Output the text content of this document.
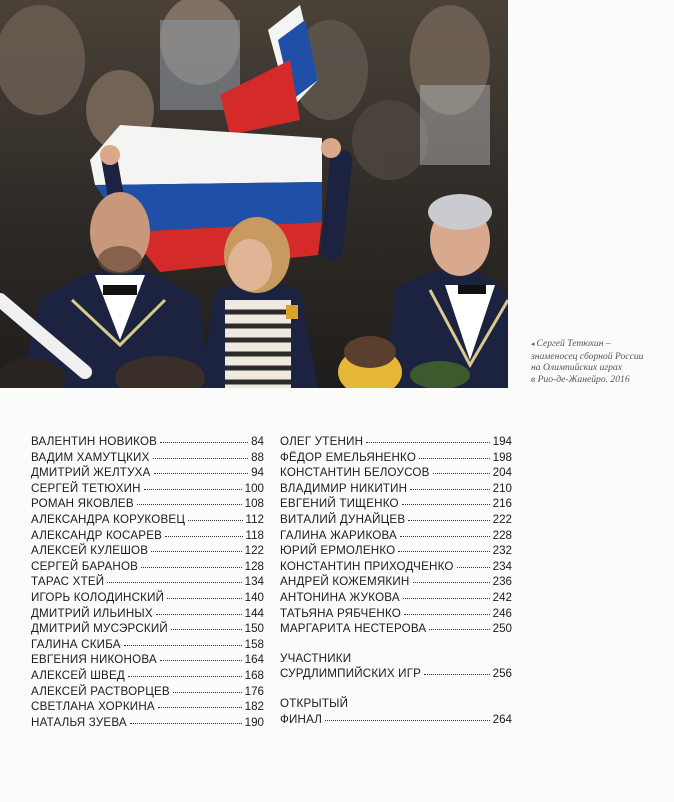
◂ Сергей Тетюхин –
знаменосец сборной России
на Олимпийских играх
в Рио-де-Жанейро. 2016
ВАЛЕНТИН НОВИКОВ	84
ВАДИМ ХАМУТЦКИХ	88
ДМИТРИЙ ЖЕЛТУХА	94
СЕРГЕЙ ТЕТЮХИН	100
РОМАН ЯКОВЛЕВ	108
АЛЕКСАНДРА КОРУКОВЕЦ	112
АЛЕКСАНДР КОСАРЕВ	118
АЛЕКСЕЙ КУЛЕШОВ	122
СЕРГЕЙ БАРАНОВ	128
ТАРАС ХТЕЙ	134
ИГОРЬ КОЛОДИНСКИЙ	140
ДМИТРИЙ ИЛЬИНЫХ	144
ДМИТРИЙ МУСЭРСКИЙ	150
ГАЛИНА СКИБА	158
ЕВГЕНИЯ НИКОНОВА	164
АЛЕКСЕЙ ШВЕД	168
АЛЕКСЕЙ РАСТВОРЦЕВ	176
СВЕТЛАНА ХОРКИНА	182
НАТАЛЬЯ ЗУЕВА	190
ОЛЕГ УТЕНИН	194
ФЁДОР ЕМЕЛЬЯНЕНКО	198
КОНСТАНТИН БЕЛОУСОВ	204
ВЛАДИМИР НИКИТИН	210
ЕВГЕНИЙ ТИЩЕНКО	216
ВИТАЛИЙ ДУНАЙЦЕВ	222
ГАЛИНА ЖАРИКОВА	228
ЮРИЙ ЕРМОЛЕНКО	232
КОНСТАНТИН ПРИХОДЧЕНКО	234
АНДРЕЙ КОЖЕМЯКИН	236
АНТОНИНА ЖУКОВА	242
ТАТЬЯНА РЯБЧЕНКО	246
МАРГАРИТА НЕСТЕРОВА	250
УЧАСТНИКИ
СУРДЛИМПИЙСКИХ ИГР	256
ОТКРЫТЫЙ
ФИНАЛ	264
